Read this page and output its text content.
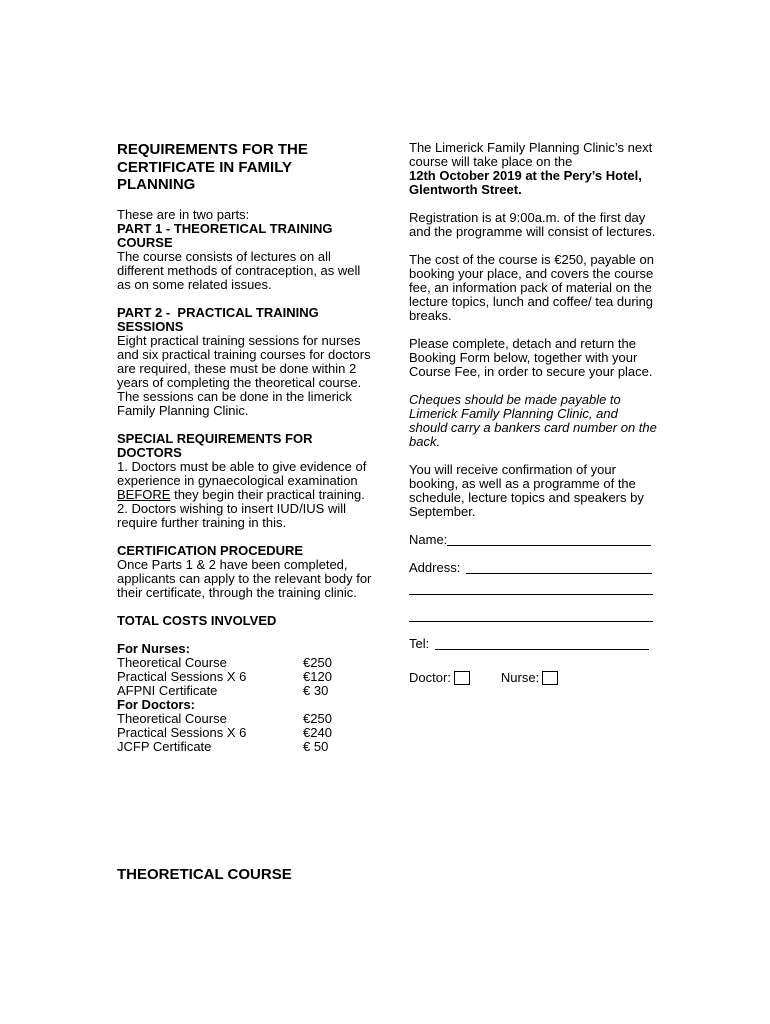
REQUIREMENTS FOR THE CERTIFICATE IN FAMILY PLANNING

These are in two parts:

PART 1 - THEORETICAL TRAINING COURSE

The course consists of lectures on all different methods of contraception, as well as on some related issues.

PART 2 -  PRACTICAL TRAINING SESSIONS

Eight practical training sessions for nurses and six practical training courses for doctors are required, these must be done within 2 years of completing the theoretical course. The sessions can be done in the limerick Family Planning Clinic.

SPECIAL REQUIREMENTS FOR DOCTORS

1. Doctors must be able to give evidence of experience in gynaecological examination BEFORE they begin their practical training.

2. Doctors wishing to insert IUD/IUS will require further training in this.

CERTIFICATION PROCEDURE

Once Parts 1 & 2 have been completed, applicants can apply to the relevant body for their certificate, through the training clinic.

TOTAL COSTS INVOLVED

For Nurses:

Theoretical Course	€250
Practical Sessions X 6	€120
AFPNI Certificate	€ 30

For Doctors:

Theoretical Course	€250
Practical Sessions X 6	€240
JCFP Certificate	€ 50

The Limerick Family Planning Clinic’s next course will take place on the
12th October 2019 at the Pery’s Hotel, Glentworth Street.

Registration is at 9:00a.m. of the first day and the programme will consist of lectures.

The cost of the course is €250, payable on booking your place, and covers the course fee, an information pack of material on the lecture topics, lunch and coffee/ tea during breaks.

Please complete, detach and return the Booking Form below, together with your Course Fee, in order to secure your place.

Cheques should be made payable to Limerick Family Planning Clinic, and should carry a bankers card number on the back.

You will receive confirmation of your booking, as well as a programme of the schedule, lecture topics and speakers by September.

Name:
Address:
Tel:
Doctor:	Nurse:
THEORETICAL COURSE
